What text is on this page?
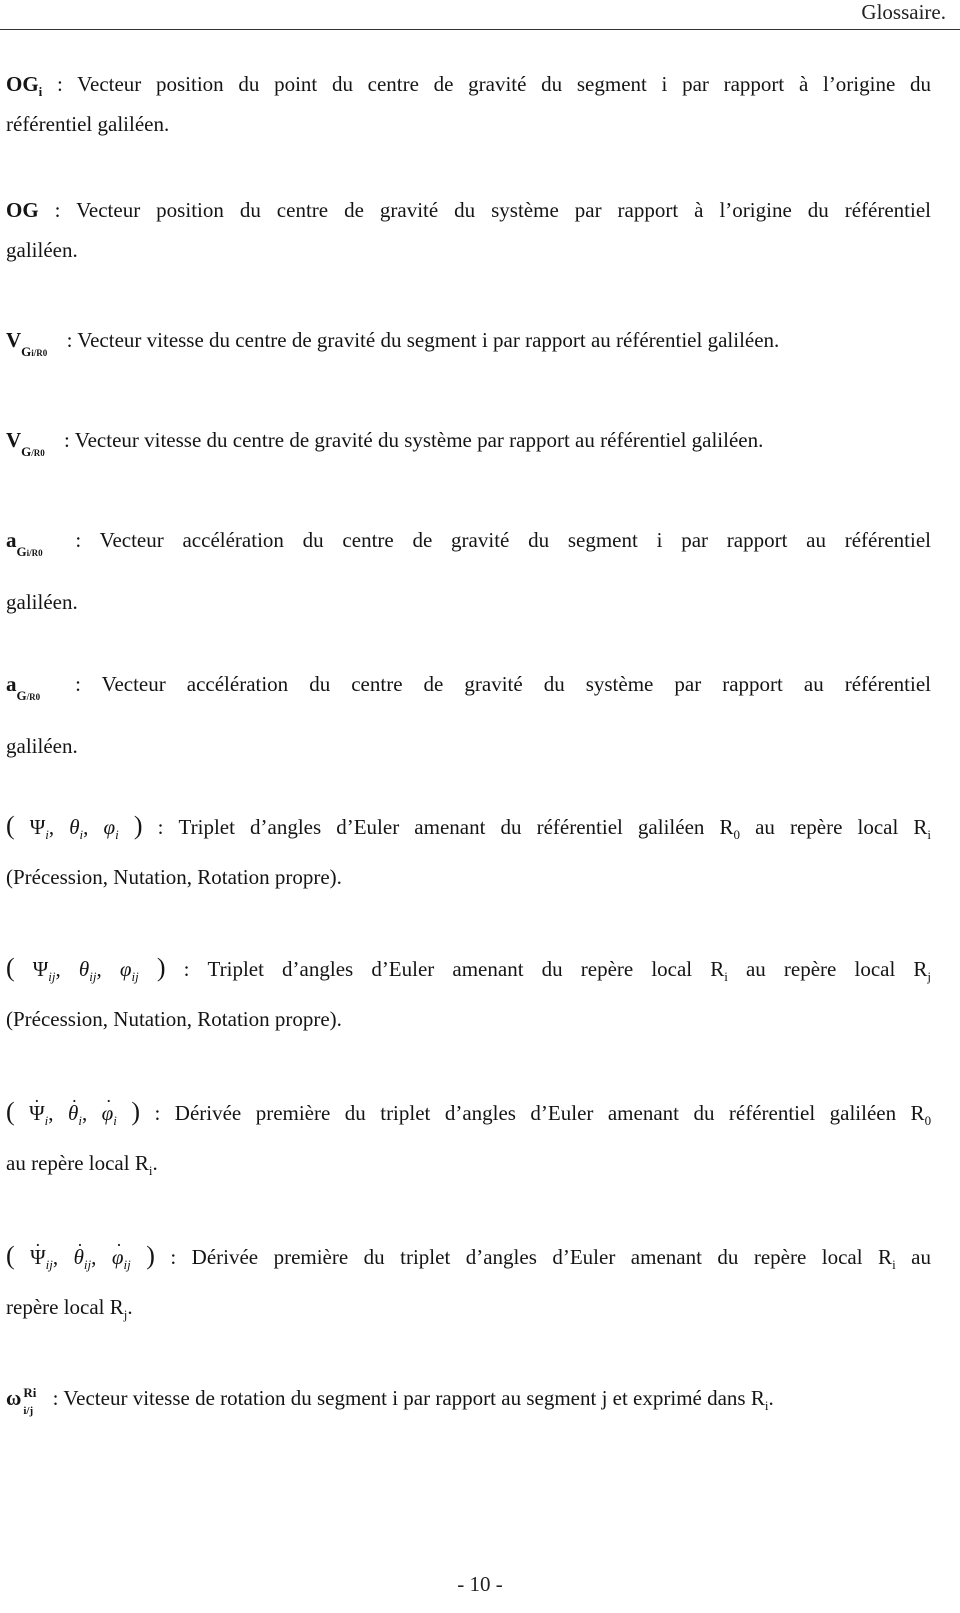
Glossaire.
$OG_i$ : Vecteur position du point du centre de gravité du segment i par rapport à l’origine du
référentiel galiléen.
OG : Vecteur position du centre de gravité du système par rapport à l’origine du référentiel
galiléen.
$V_{Gi/R0}$ : Vecteur vitesse du centre de gravité du segment i par rapport au référentiel galiléen.
$V_{G/R0}$ : Vecteur vitesse du centre de gravité du système par rapport au référentiel galiléen.
$a_{Gi/R0}$ : Vecteur accélération du centre de gravité du segment i par rapport au référentiel
galiléen.
$a_{G/R0}$ : Vecteur accélération du centre de gravité du système par rapport au référentiel
galiléen.
( $\Psi_i$, $\theta_i$, $\varphi_i$ ) : Triplet d’angles d’Euler amenant du référentiel galiléen $R_0$ au repère local $R_i$
(Précession, Nutation, Rotation propre).
( $\Psi_{ij}$, $\theta_{ij}$, $\varphi_{ij}$ ) : Triplet d’angles d’Euler amenant du repère local $R_i$ au repère local $R_j$
(Précession, Nutation, Rotation propre).
( Ψ $˙_i$, θ $˙_i$, φ $˙_i$ ) : Dérivée première du triplet d’angles d’Euler amenant du référentiel galiléen $R_0$
au repère local $R_i$.
( Ψ $˙_{ij}$, θ $˙_{ij}$, φ $˙_{ij}$ ) : Dérivée première du triplet d’angles d’Euler amenant du repère local $R_i$ au
repère local $R_j$.
ω Ri
i/j
: Vecteur vitesse de rotation du segment i par rapport au segment j et exprimé dans $R_i$.
- 10 -
